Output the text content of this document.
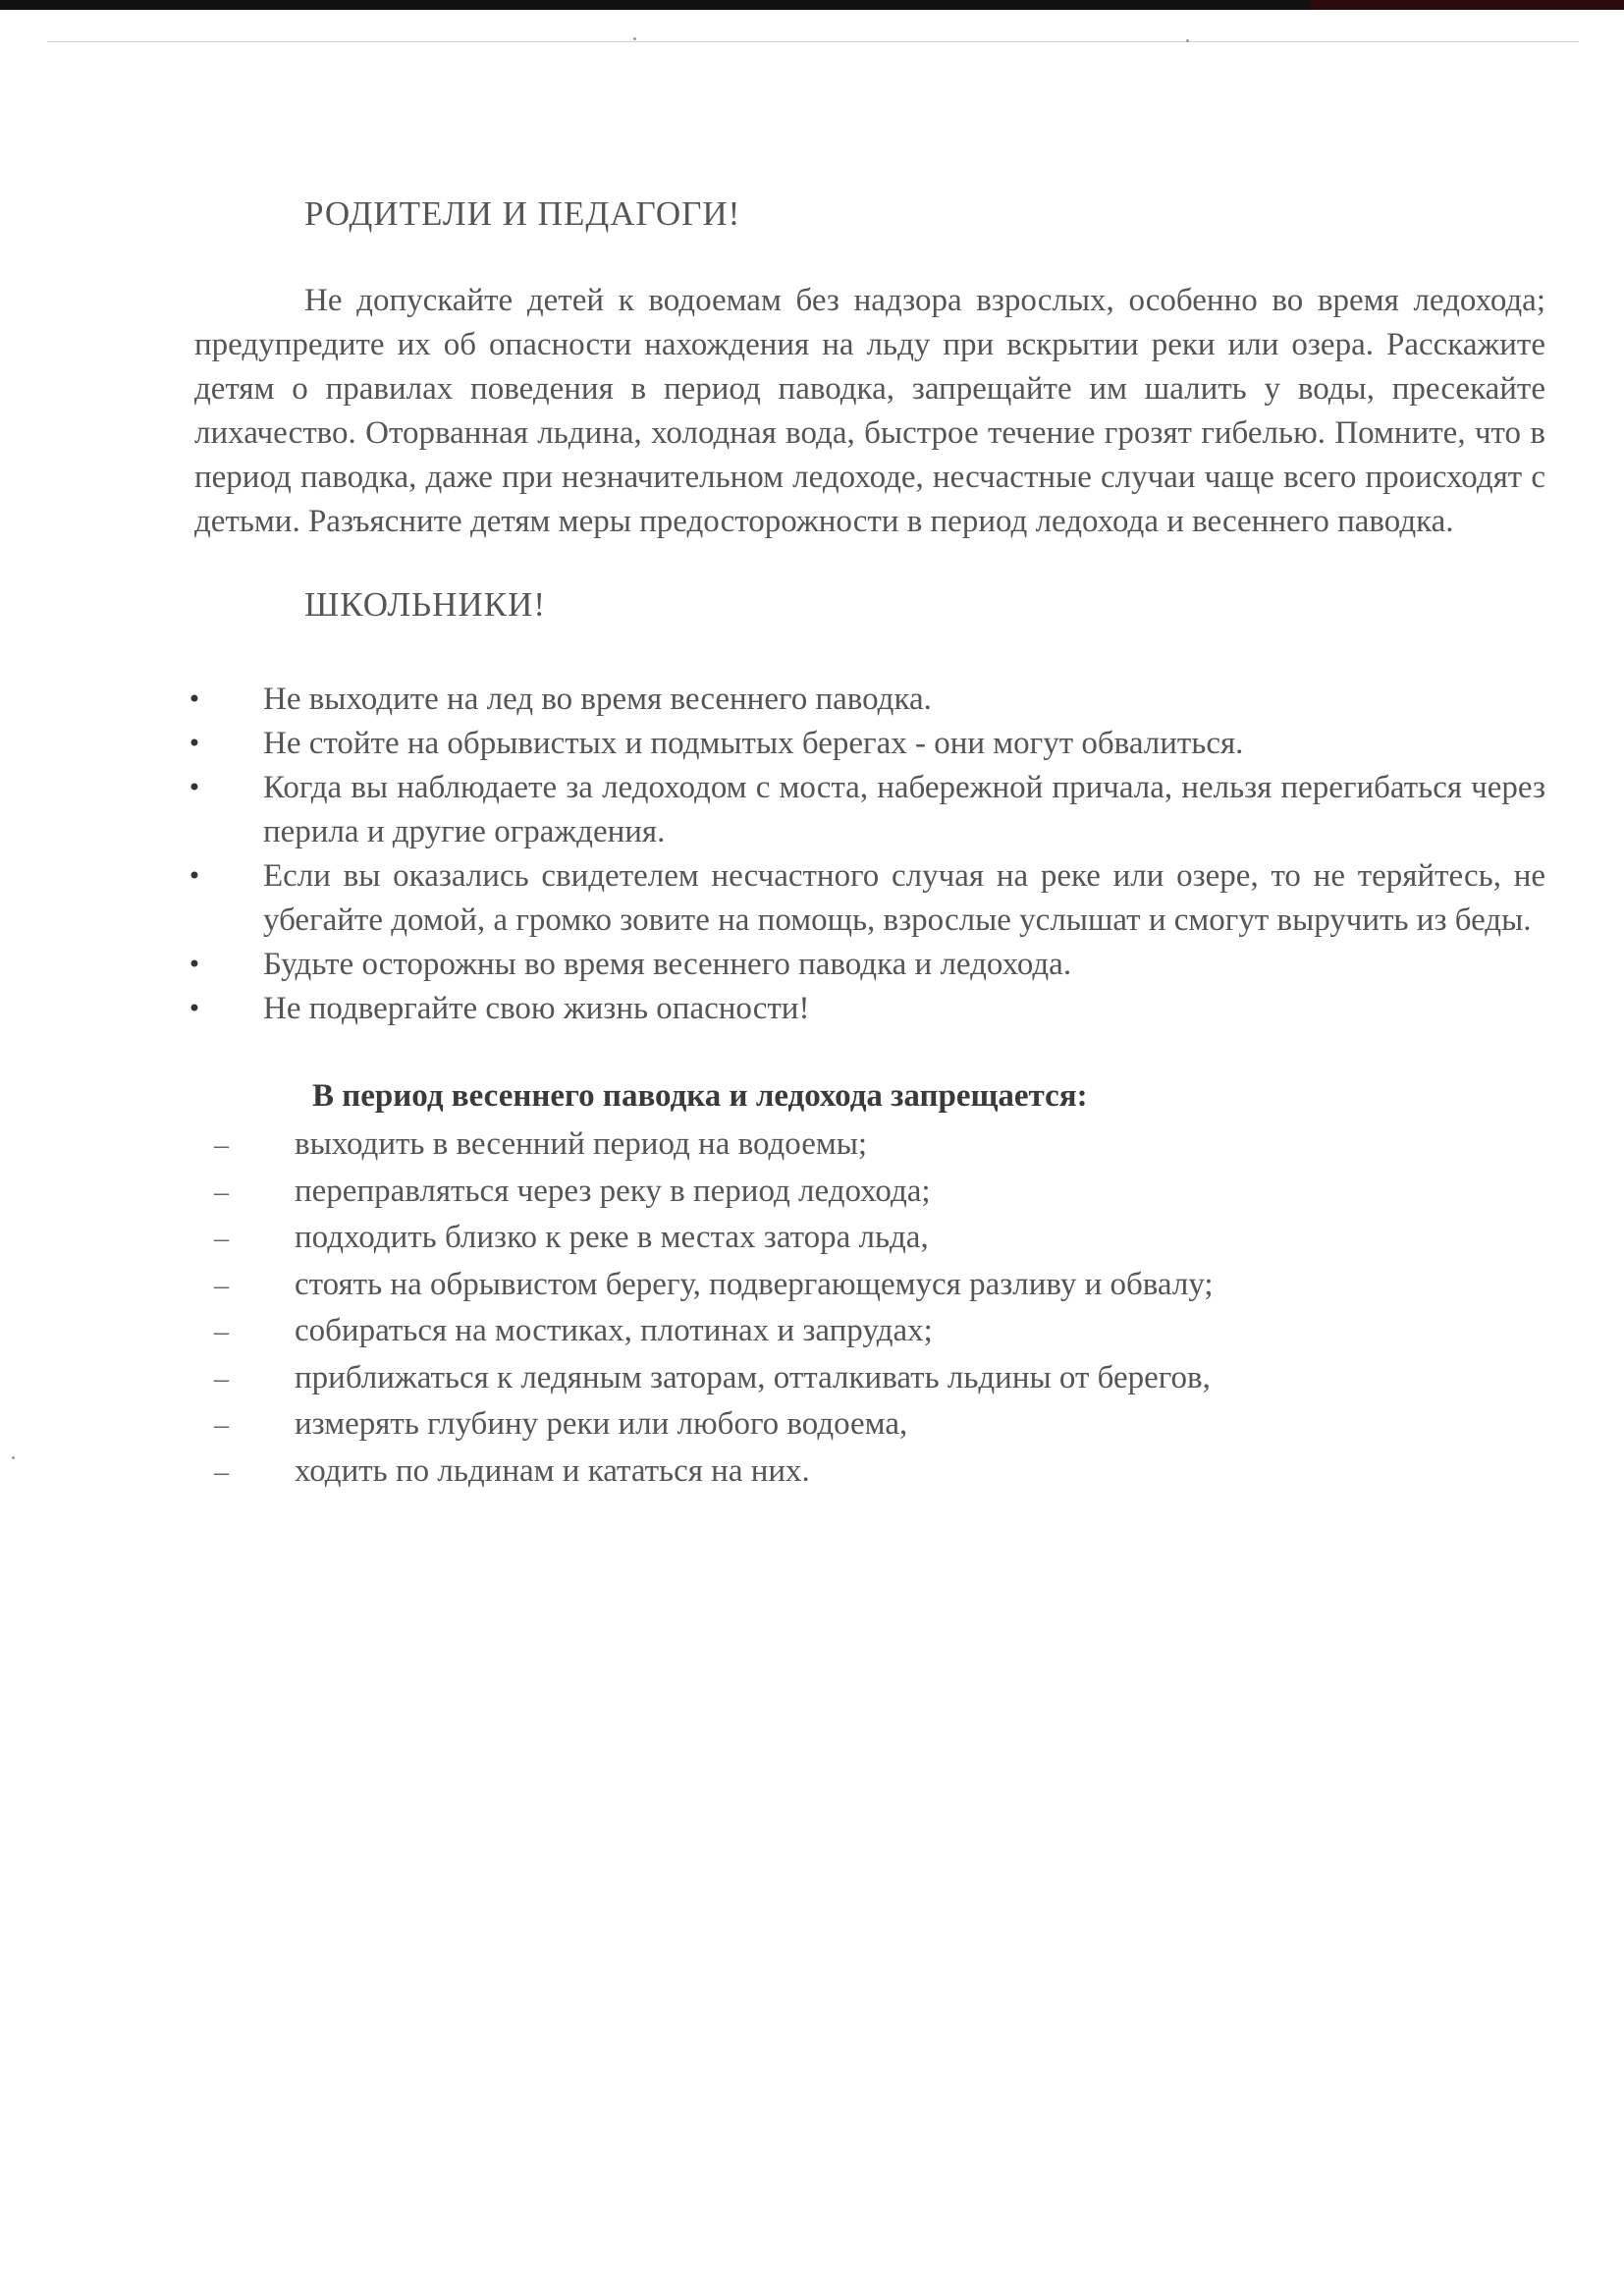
РОДИТЕЛИ И ПЕДАГОГИ!
Не допускайте детей к водоемам без надзора взрослых, особенно во время ледохода; предупредите их об опасности нахождения на льду при вскрытии реки или озера. Расскажите детям о правилах поведения в период паводка, запрещайте им шалить у воды, пресекайте лихачество. Оторванная льдина, холодная вода, быстрое течение грозят гибелью. Помните, что в период паводка, даже при незначительном ледоходе, несчастные случаи чаще всего происходят с детьми. Разъясните детям меры предосторожности в период ледохода и весеннего паводка.
ШКОЛЬНИКИ!
• Не выходите на лед во время весеннего паводка.
• Не стойте на обрывистых и подмытых берегах - они могут обвалиться.
• Когда вы наблюдаете за ледоходом с моста, набережной причала, нельзя перегибаться через перила и другие ограждения.
• Если вы оказались свидетелем несчастного случая на реке или озере, то не теряйтесь, не убегайте домой, а громко зовите на помощь, взрослые услышат и смогут выручить из беды.
• Будьте осторожны во время весеннего паводка и ледохода.
• Не подвергайте свою жизнь опасности!
В период весеннего паводка и ледохода запрещается:
– выходить в весенний период на водоемы;
– переправляться через реку в период ледохода;
– подходить близко к реке в местах затора льда,
– стоять на обрывистом берегу, подвергающемуся разливу и обвалу;
– собираться на мостиках, плотинах и запрудах;
– приближаться к ледяным заторам, отталкивать льдины от берегов,
– измерять глубину реки или любого водоема,
– ходить по льдинам и кататься на них.
